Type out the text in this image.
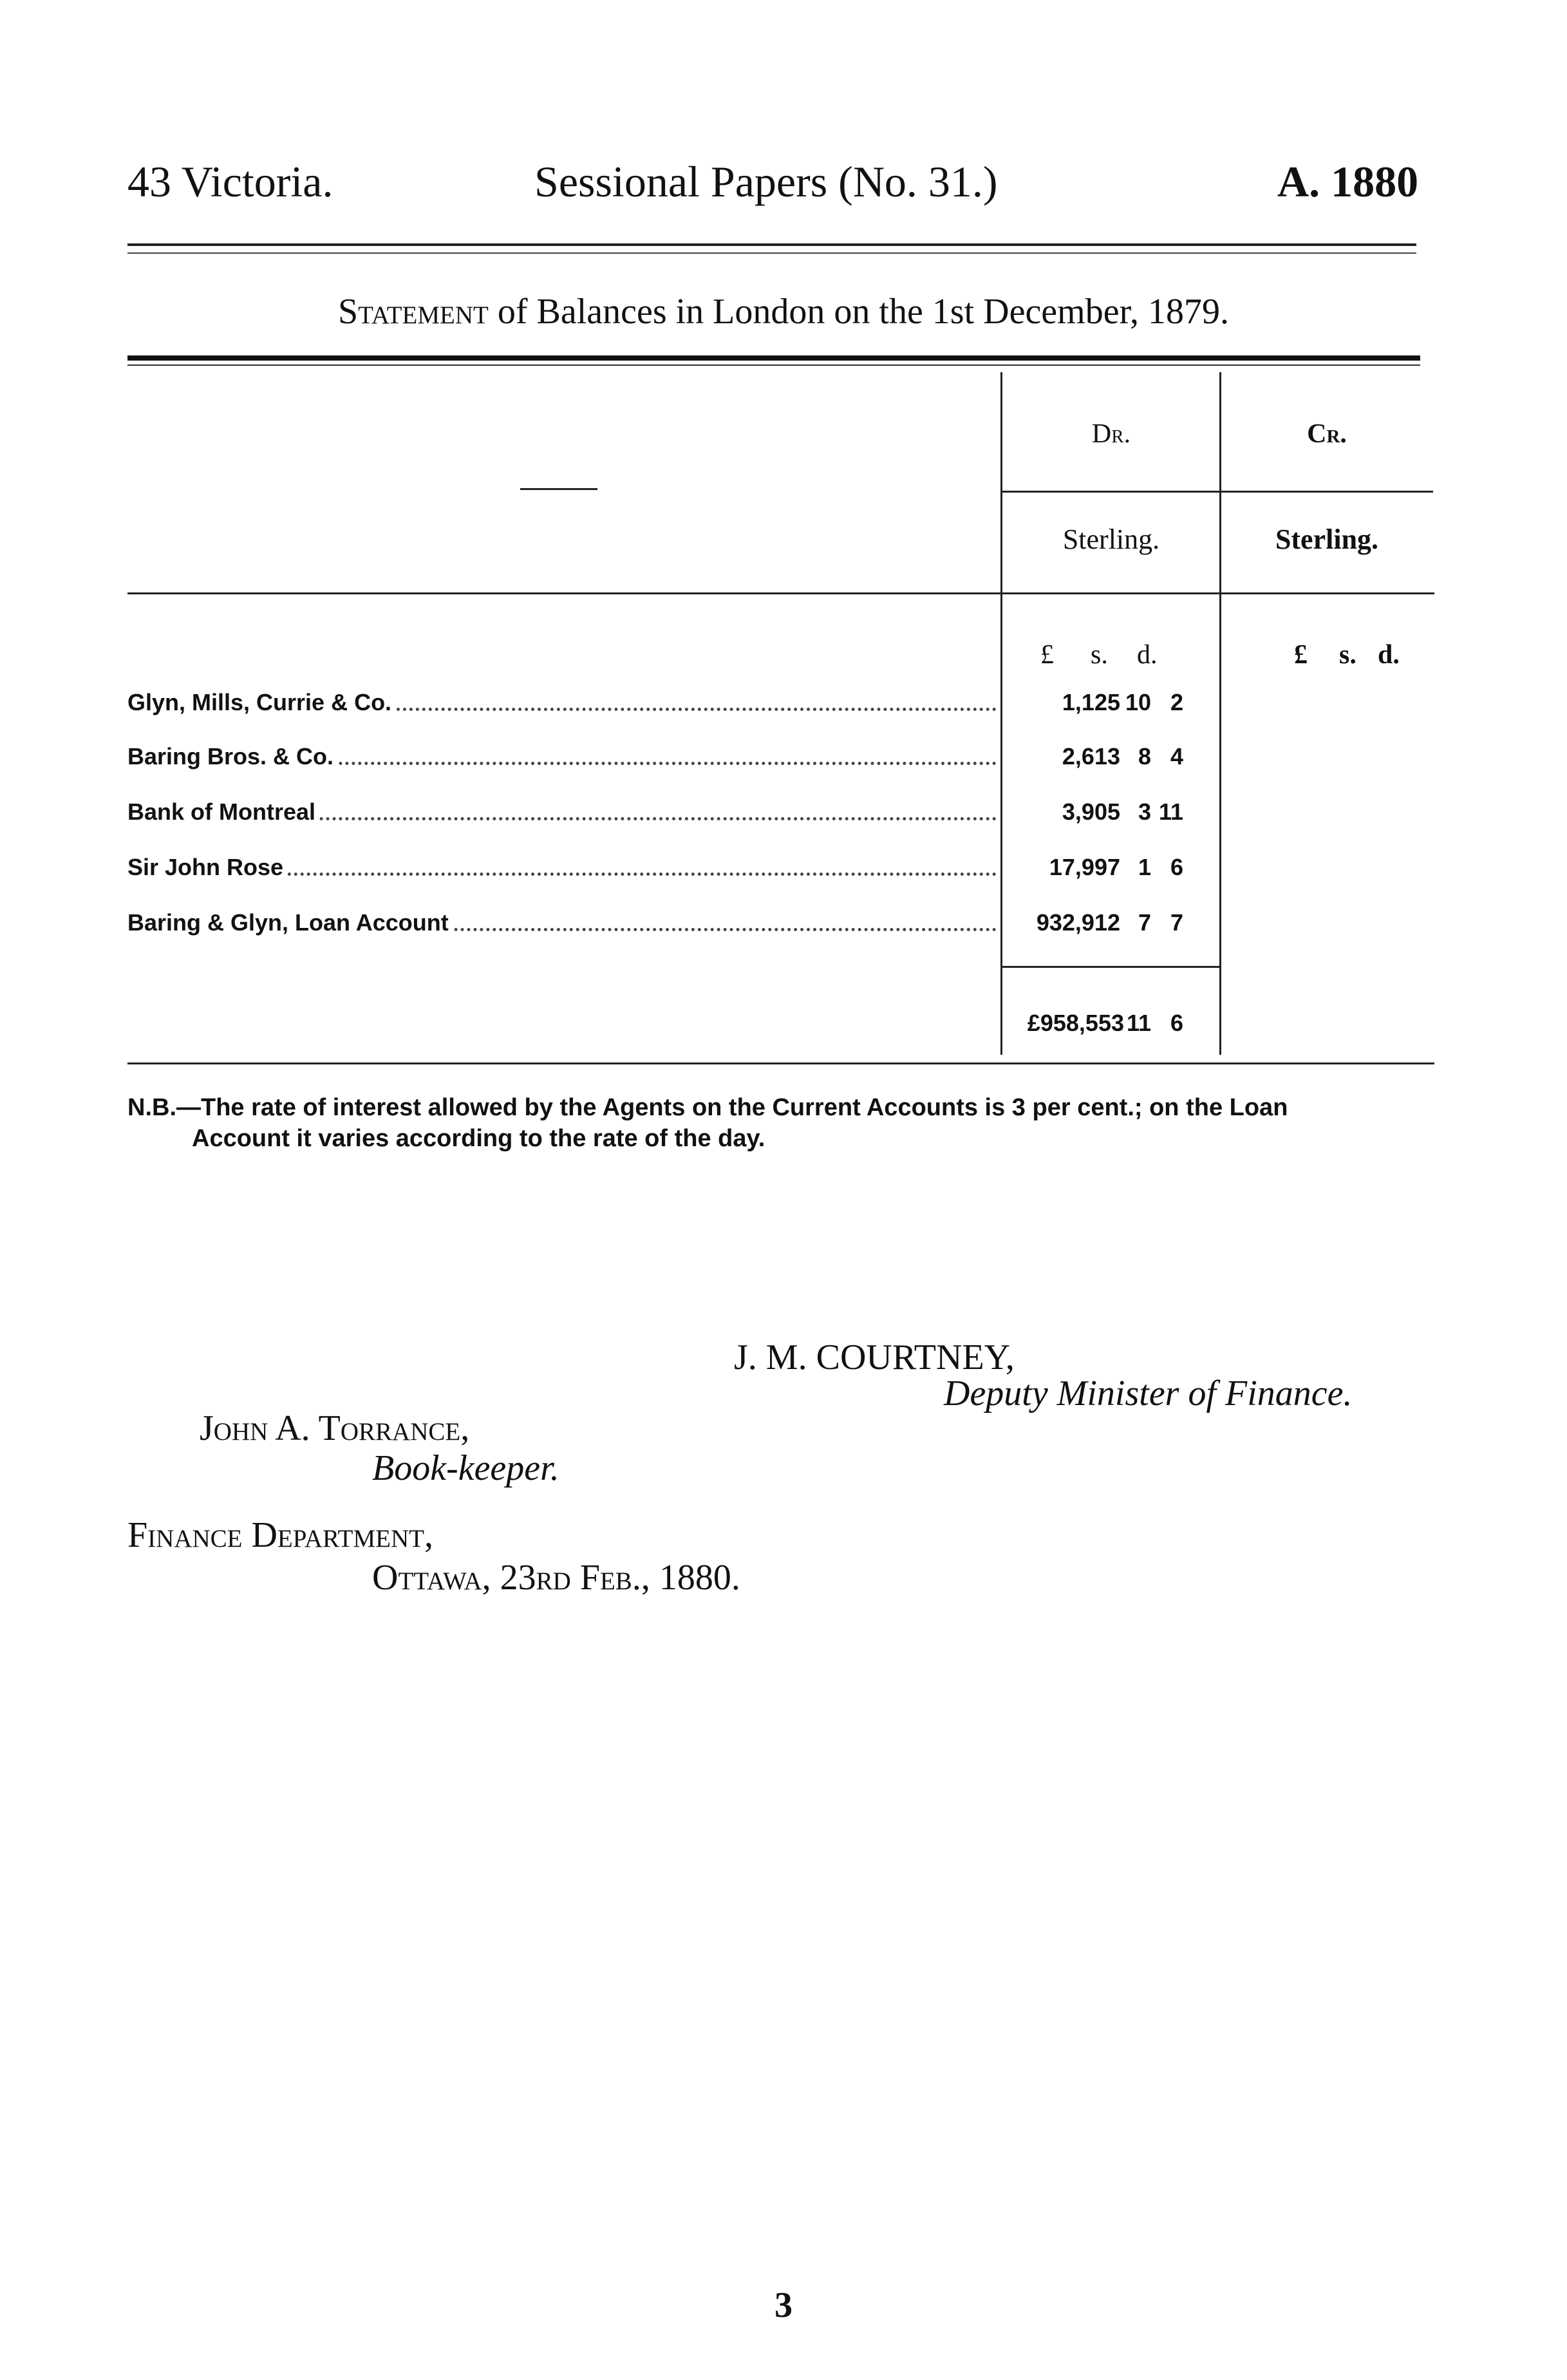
43 Victoria.	Sessional Papers (No. 31.)	A. 1880
Statement of Balances in London on the 1st December, 1879.
Dr.	Cr.
Sterling.	Sterling.
£ s. d.	£ s. d.
Glyn, Mills, Currie & Co.	1,125 10 2
Baring Bros. & Co.	2,613 8 4
Bank of Montreal	3,905 3 11
Sir John Rose	17,997 1 6
Baring & Glyn, Loan Account	932,912 7 7
£958,553 11 6
N.B.—The rate of interest allowed by the Agents on the Current Accounts is 3 per cent.; on the Loan
Account it varies according to the rate of the day.
J. M. COURTNEY,
Deputy Minister of Finance.
John A. Torrance,
Book-keeper.
Finance Department,
Ottawa, 23rd Feb., 1880.
3
